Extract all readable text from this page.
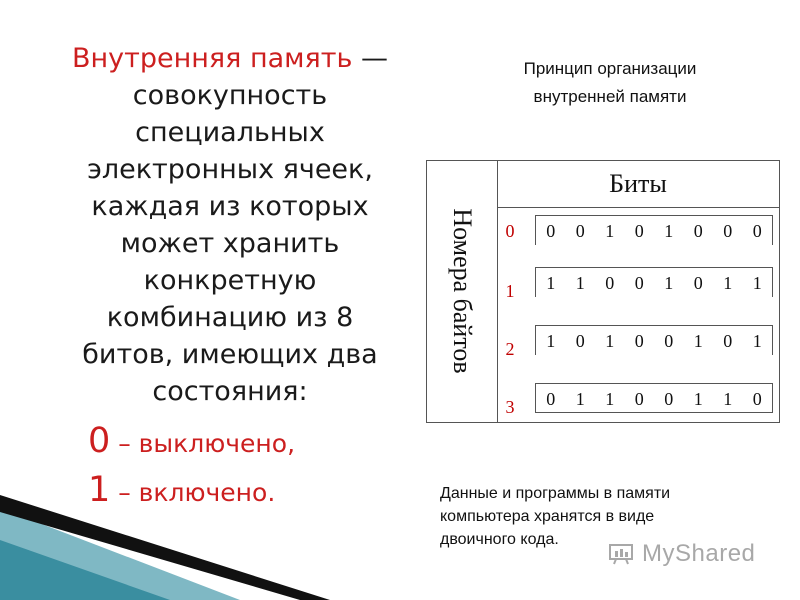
Внутренняя память —
совокупность
специальных
электронных ячеек,
каждая из которых
может хранить
конкретную
комбинацию из 8
битов, имеющих два
состояния:
0 – выключено,
1 – включено.
Принцип организации
внутренней памяти
Номера байтов
Биты
0	0	0	1	0	1	0	0	0
1	1	1	0	0	1	0	1	1
2	1	0	1	0	0	1	0	1
3	0	1	1	0	0	1	1	0
Данные и программы в памяти
компьютера хранятся в виде
двоичного кода.
MyShared
